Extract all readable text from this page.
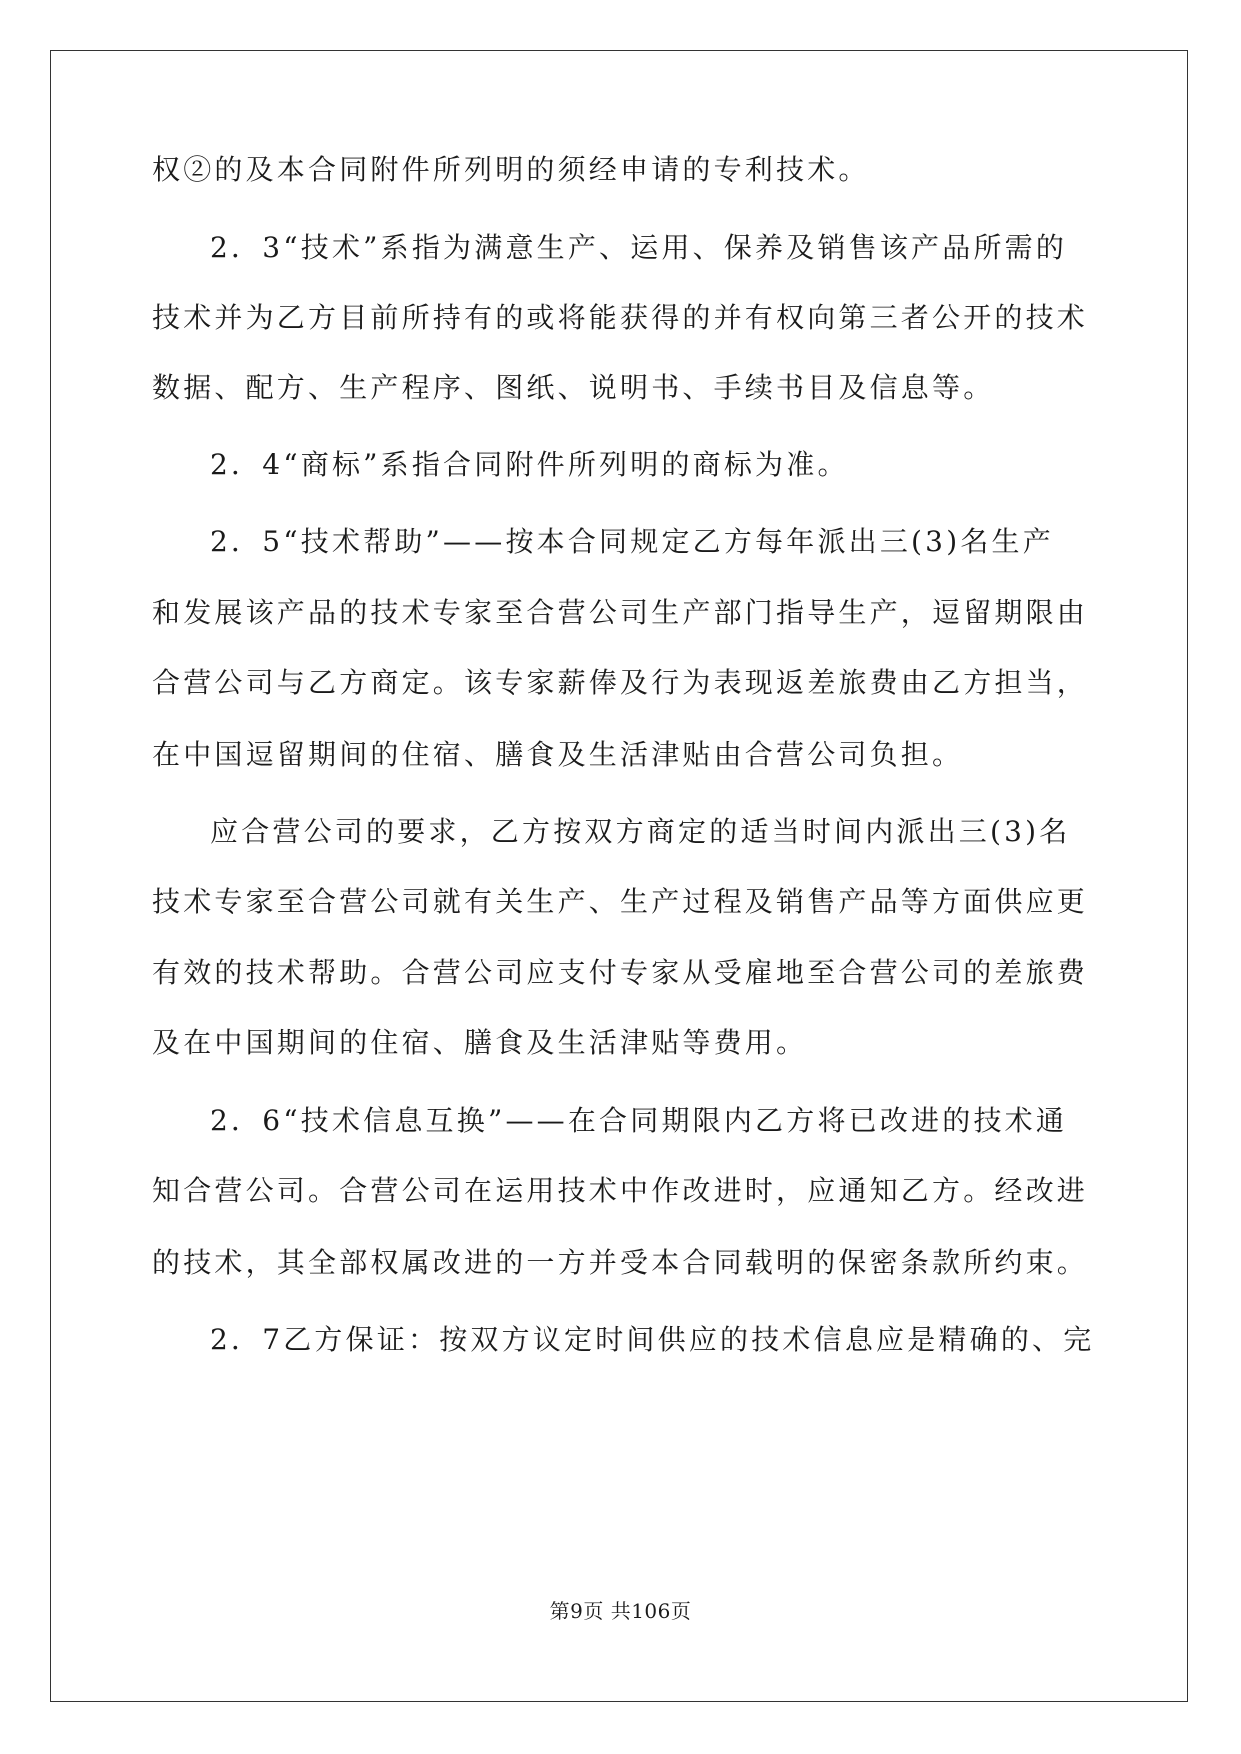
权②的及本合同附件所列明的须经申请的专利技术。
2．3“技术”系指为满意生产、运用、保养及销售该产品所需的
技术并为乙方目前所持有的或将能获得的并有权向第三者公开的技术
数据、配方、生产程序、图纸、说明书、手续书目及信息等。
2．4“商标”系指合同附件所列明的商标为准。
2．5“技术帮助”——按本合同规定乙方每年派出三(3)名生产
和发展该产品的技术专家至合营公司生产部门指导生产，逗留期限由
合营公司与乙方商定。该专家薪俸及行为表现返差旅费由乙方担当，
在中国逗留期间的住宿、膳食及生活津贴由合营公司负担。
应合营公司的要求，乙方按双方商定的适当时间内派出三(3)名
技术专家至合营公司就有关生产、生产过程及销售产品等方面供应更
有效的技术帮助。合营公司应支付专家从受雇地至合营公司的差旅费
及在中国期间的住宿、膳食及生活津贴等费用。
2．6“技术信息互换”——在合同期限内乙方将已改进的技术通
知合营公司。合营公司在运用技术中作改进时，应通知乙方。经改进
的技术，其全部权属改进的一方并受本合同载明的保密条款所约束。
2．7乙方保证：按双方议定时间供应的技术信息应是精确的、完
第9页 共106页
